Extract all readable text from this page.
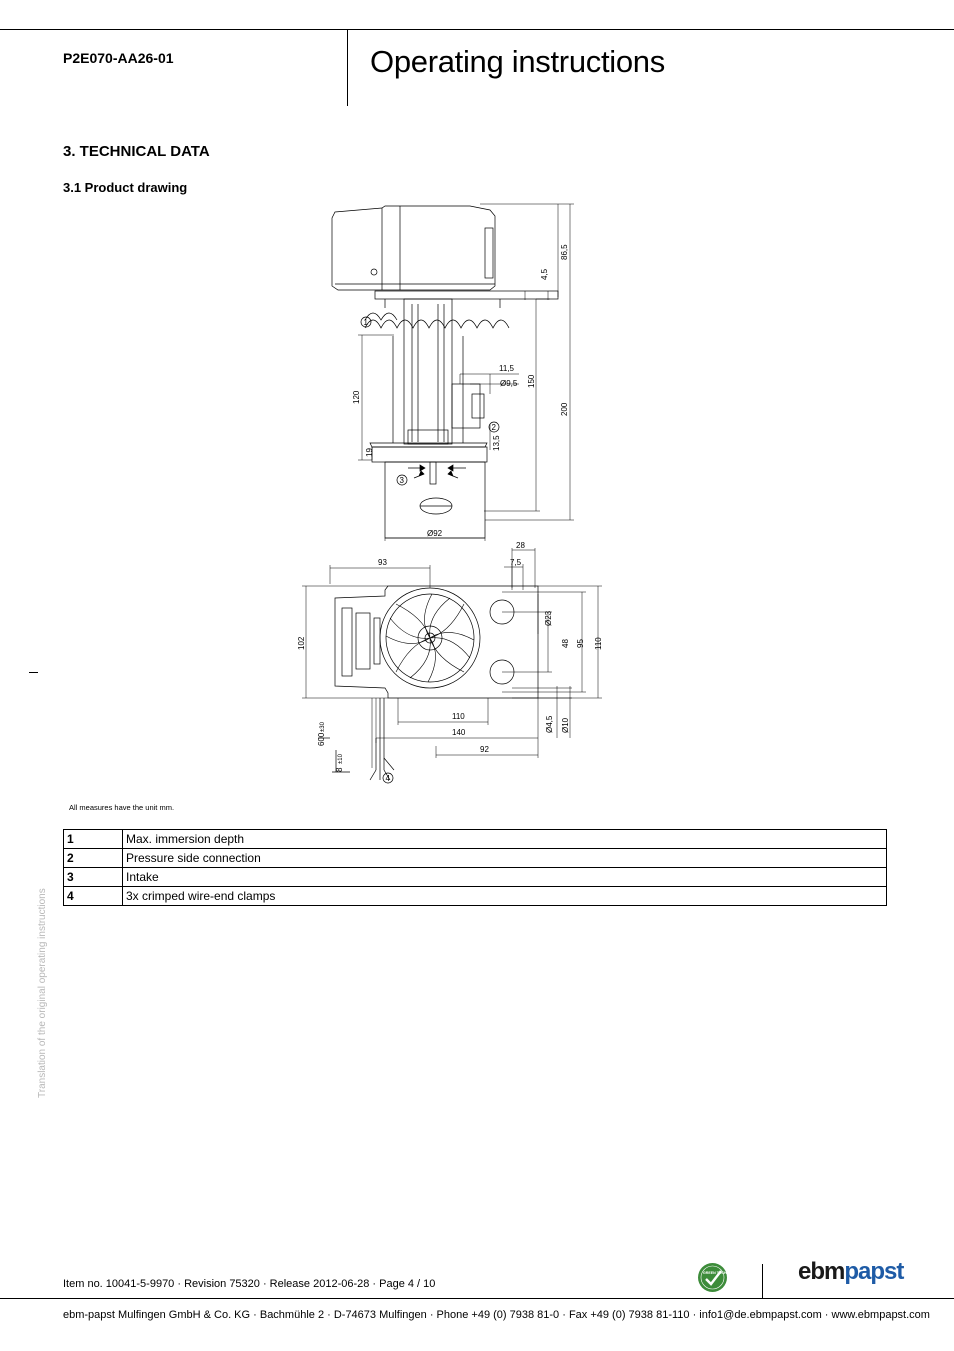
P2E070-AA26-01	Operating instructions
3. TECHNICAL DATA
3.1 Product drawing
1
2
3
4
86,5
4,5
11,5
Ø9,5 150
200
120
13,5
19
Ø92
93
28
7,5
Ø23
102	48 95 110
110
140
92
Ø4,5 Ø10
600
±30
8
±10
All measures have the unit mm.
1	Max. immersion depth
2	Pressure side connection
3	Intake
4	3x crimped wire-end clamps
Translation of the original operating instructions
Item no. 10041-5-9970 · Revision 75320 · Release 2012-06-28 · Page 4 / 10
GREEN TECH	ebmpapst
ebm-papst Mulfingen GmbH & Co. KG · Bachmühle 2 · D-74673 Mulfingen · Phone +49 (0) 7938 81-0 · Fax +49 (0) 7938 81-110 · info1@de.ebmpapst.com · www.ebmpapst.com
